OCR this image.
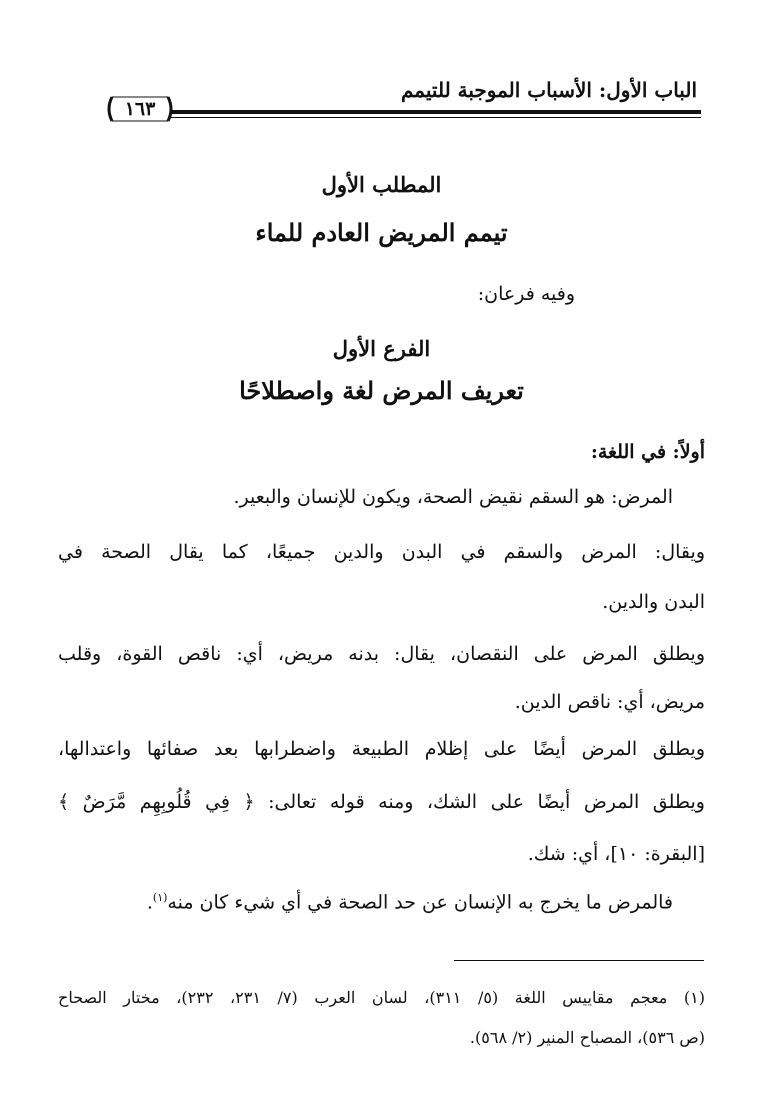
الباب الأول: الأسباب الموجبة للتيمم
١٦٣
المطلب الأول
تيمم المريض العادم للماء
وفيه فرعان:
الفرع الأول
تعريف المرض لغة واصطلاحًا
أولاً: في اللغة:
المرض: هو السقم نقيض الصحة، ويكون للإنسان والبعير.
ويقال: المرض والسقم في البدن والدين جميعًا، كما يقال الصحة في
البدن والدين.
ويطلق المرض على النقصان، يقال: بدنه مريض، أي: ناقص القوة، وقلب
مريض، أي: ناقص الدين.
ويطلق المرض أيضًا على إظلام الطبيعة واضطرابها بعد صفائها واعتدالها،
ويطلق المرض أيضًا على الشك، ومنه قوله تعالى: ﴿ فِي قُلُوبِهِم مَّرَضٌ ﴾
[البقرة: ١٠]، أي: شك.
فالمرض ما يخرج به الإنسان عن حد الصحة في أي شيء كان منه$^{(١)}$.
(١) معجم مقاييس اللغة (٥/ ٣١١)، لسان العرب (٧/ ٢٣١، ٢٣٢)، مختار الصحاح
(ص ٥٣٦)، المصباح المنير (٢/ ٥٦٨).
